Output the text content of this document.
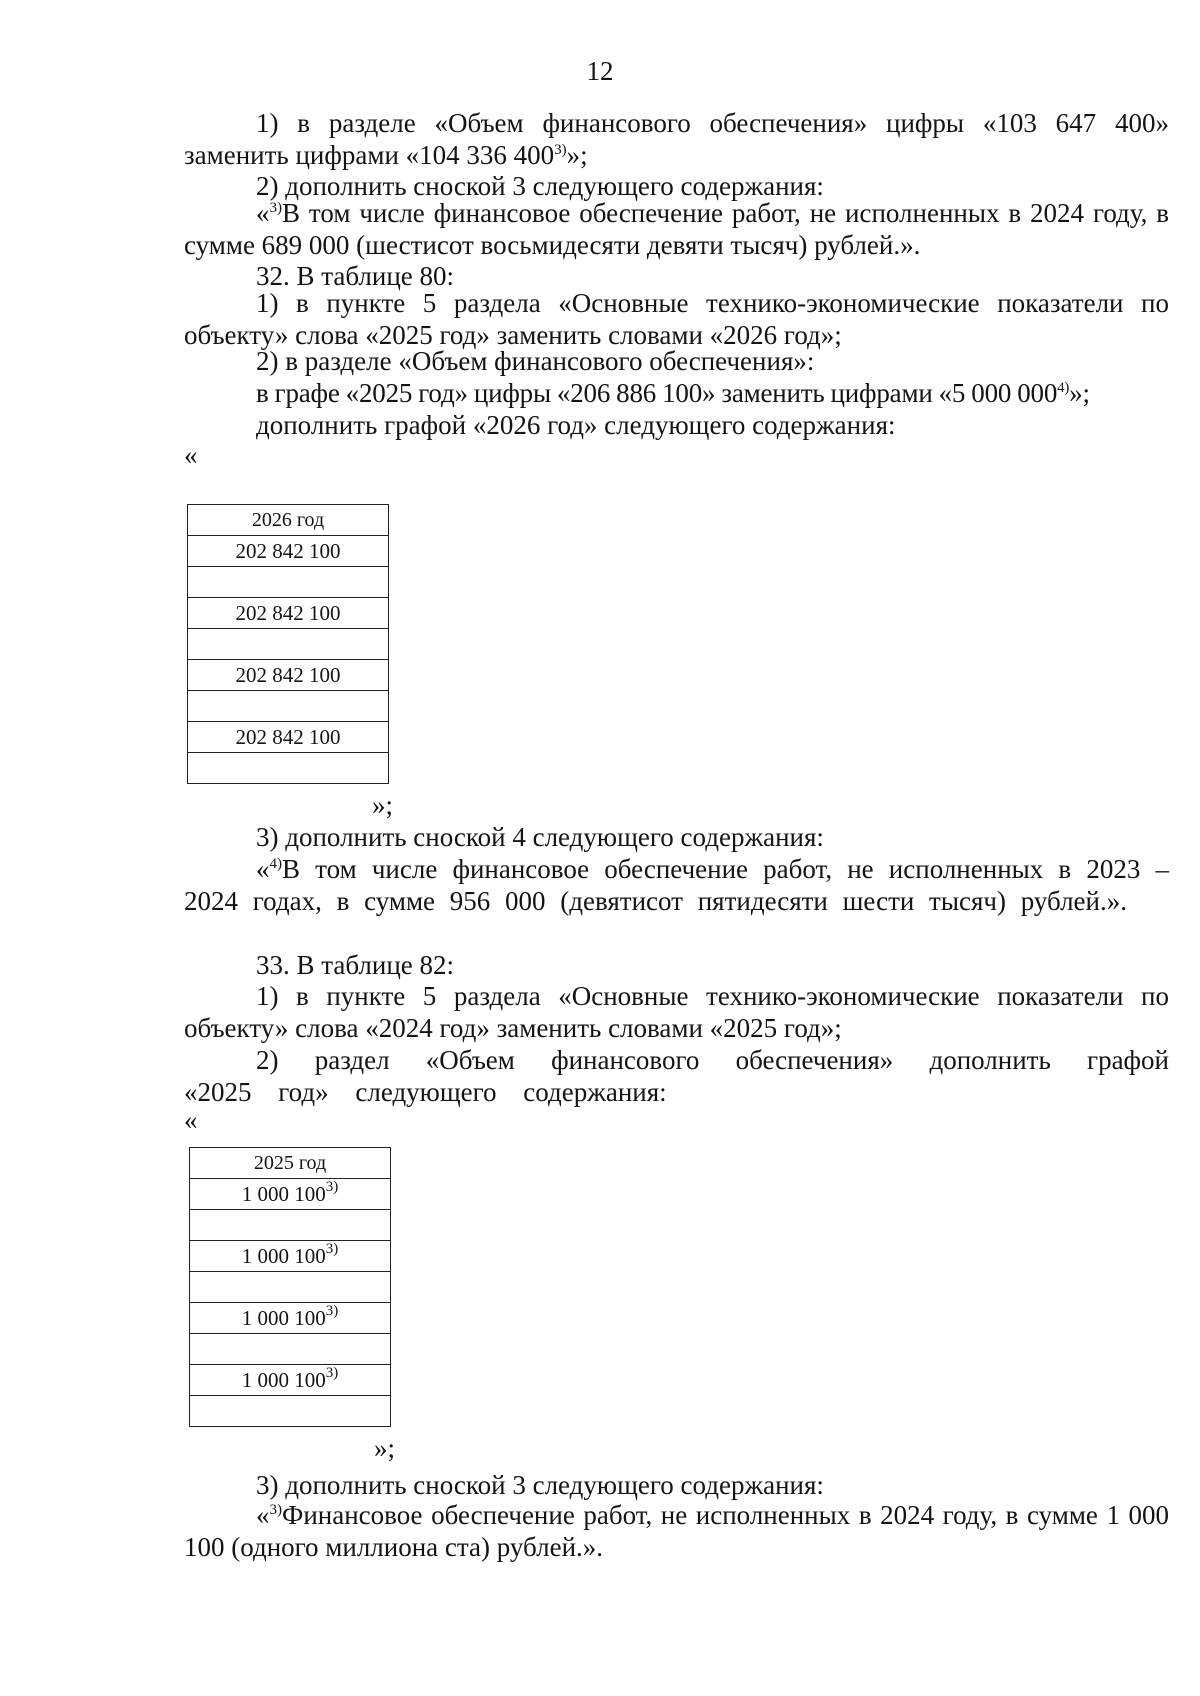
12

1) в разделе «Объем финансового обеспечения» цифры «103 647 400» заменить цифрами «104 336 400$^{3)}$»;

2) дополнить сноской 3 следующего содержания:

«$^{3)}$В том числе финансовое обеспечение работ, не исполненных в 2024 году, в сумме 689 000 (шестисот восьмидесяти девяти тысяч) рублей.».

32. В таблице 80:

1) в пункте 5 раздела «Основные технико-экономические показатели по объекту» слова «2025 год» заменить словами «2026 год»;

2) в разделе «Объем финансового обеспечения»:

в графе «2025 год» цифры «206 886 100» заменить цифрами «5 000 000$^{4)}$»;

дополнить графой «2026 год» следующего содержания:

«
2026 год
202 842 100

202 842 100

202 842 100

202 842 100

»;

3) дополнить сноской 4 следующего содержания:

«$^{4)}$В том числе финансовое обеспечение работ, не исполненных в 2023 – 2024 годах, в сумме 956 000 (девятисот пятидесяти шести тысяч) рублей.».

33. В таблице 82:

1) в пункте 5 раздела «Основные технико-экономические показатели по объекту» слова «2024 год» заменить словами «2025 год»;

2) раздел «Объем финансового обеспечения» дополнить графой «2025 год» следующего содержания:

«
2025 год
1 000 100$^{3)}$

1 000 100$^{3)}$

1 000 100$^{3)}$

1 000 100$^{3)}$

»;

3) дополнить сноской 3 следующего содержания:

«$^{3)}$Финансовое обеспечение работ, не исполненных в 2024 году, в сумме 1 000 100 (одного миллиона ста) рублей.».
